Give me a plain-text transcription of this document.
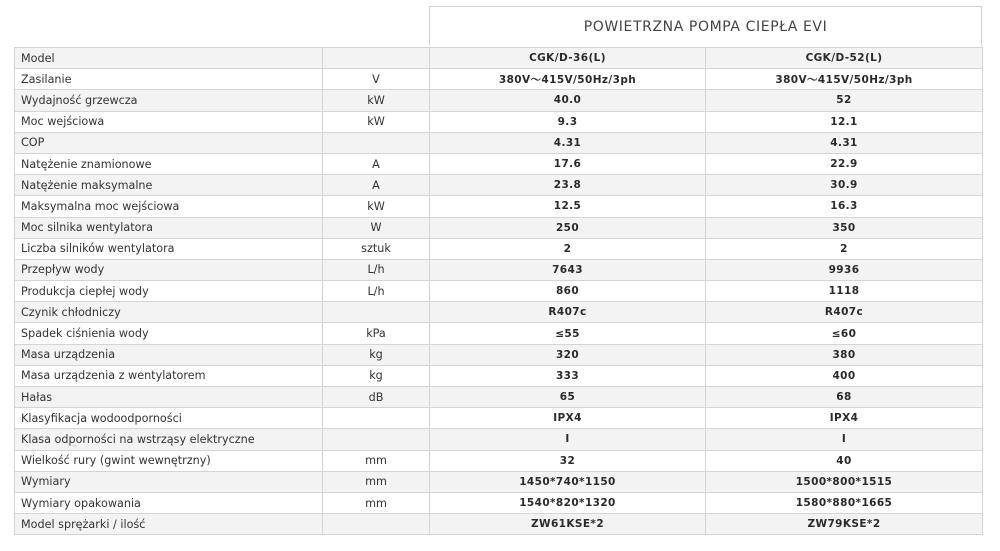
POWIETRZNA POMPA CIEPŁA EVI
Model		CGK/D-36(L)	CGK/D-52(L)
Zasilanie	V	380V～415V/50Hz/3ph	380V～415V/50Hz/3ph
Wydajność grzewcza	kW	40.0	52
Moc wejściowa	kW	9.3	12.1
COP		4.31	4.31
Natężenie znamionowe	A	17.6	22.9
Natężenie maksymalne	A	23.8	30.9
Maksymalna moc wejściowa	kW	12.5	16.3
Moc silnika wentylatora	W	250	350
Liczba silników wentylatora	sztuk	2	2
Przepływ wody	L/h	7643	9936
Produkcja ciepłej wody	L/h	860	1118
Czynik chłodniczy		R407c	R407c
Spadek ciśnienia wody	kPa	≤55	≤60
Masa urządzenia	kg	320	380
Masa urządzenia z wentylatorem	kg	333	400
Hałas	dB	65	68
Klasyfikacja wodoodporności		IPX4	IPX4
Klasa odporności na wstrząsy elektryczne		I	I
Wielkość rury (gwint wewnętrzny)	mm	32	40
Wymiary	mm	1450*740*1150	1500*800*1515
Wymiary opakowania	mm	1540*820*1320	1580*880*1665
Model sprężarki / ilość		ZW61KSE*2	ZW79KSE*2
